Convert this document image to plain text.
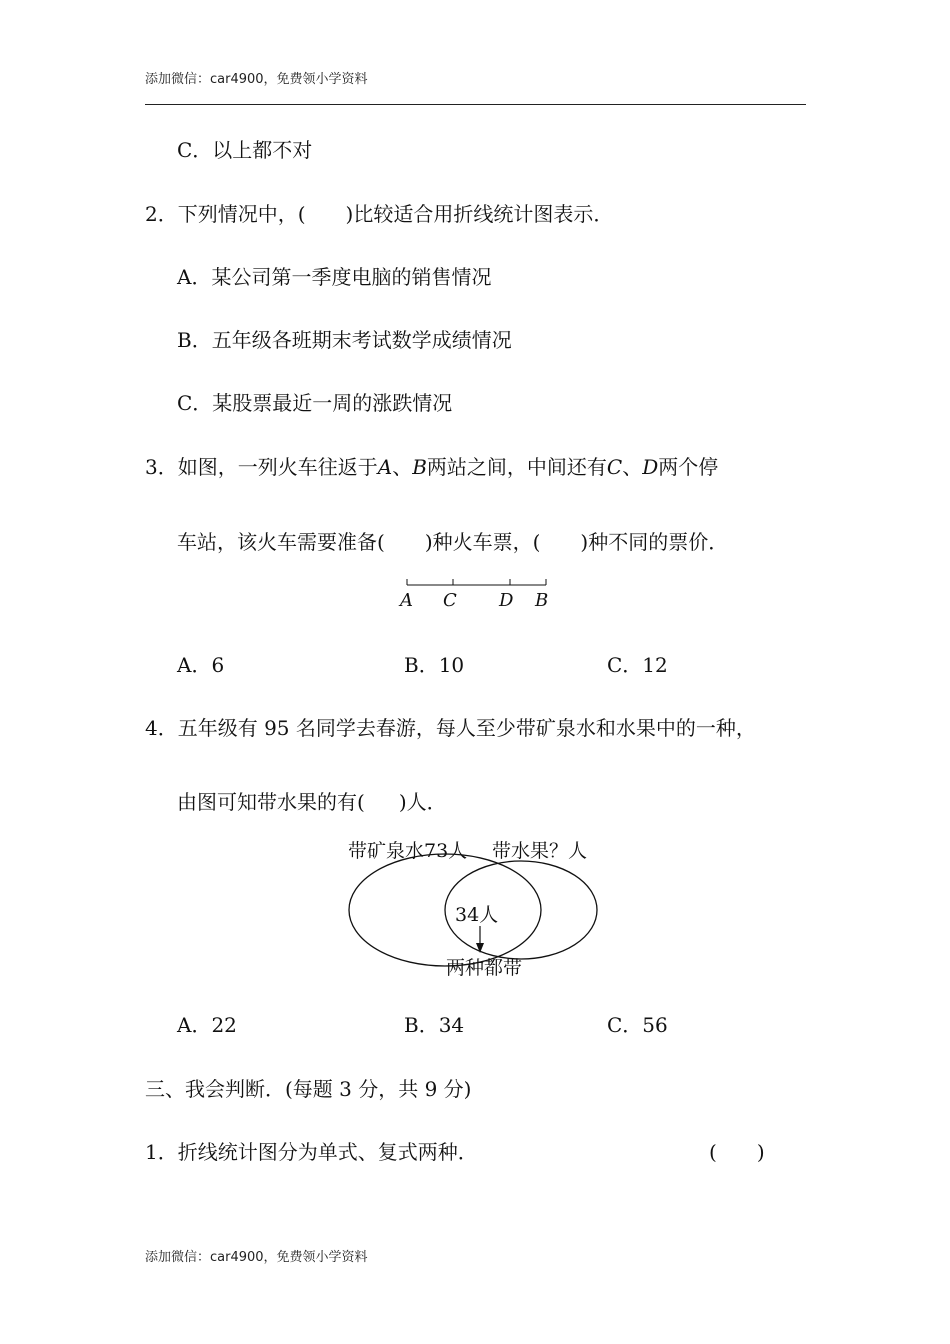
添加微信：car4900，免费领小学资料
C．以上都不对
2．下列情况中，( )比较适合用折线统计图表示．
A．某公司第一季度电脑的销售情况
B．五年级各班期末考试数学成绩情况
C．某股票最近一周的涨跌情况
3．如图，一列火车往返于A、B两站之间，中间还有C、D两个停
车站，该火车需要准备( )种火车票，( )种不同的票价．
A C D B
A．6	B．10	C．12
4．五年级有 95 名同学去春游，每人至少带矿泉水和水果中的一种，
由图可知带水果的有( )人．
带矿泉水73人 带水果？人
34人
两种都带
A．22	B．34	C．56
三、我会判断．(每题 3 分，共 9 分)
1．折线统计图分为单式、复式两种．	( )
添加微信：car4900，免费领小学资料
